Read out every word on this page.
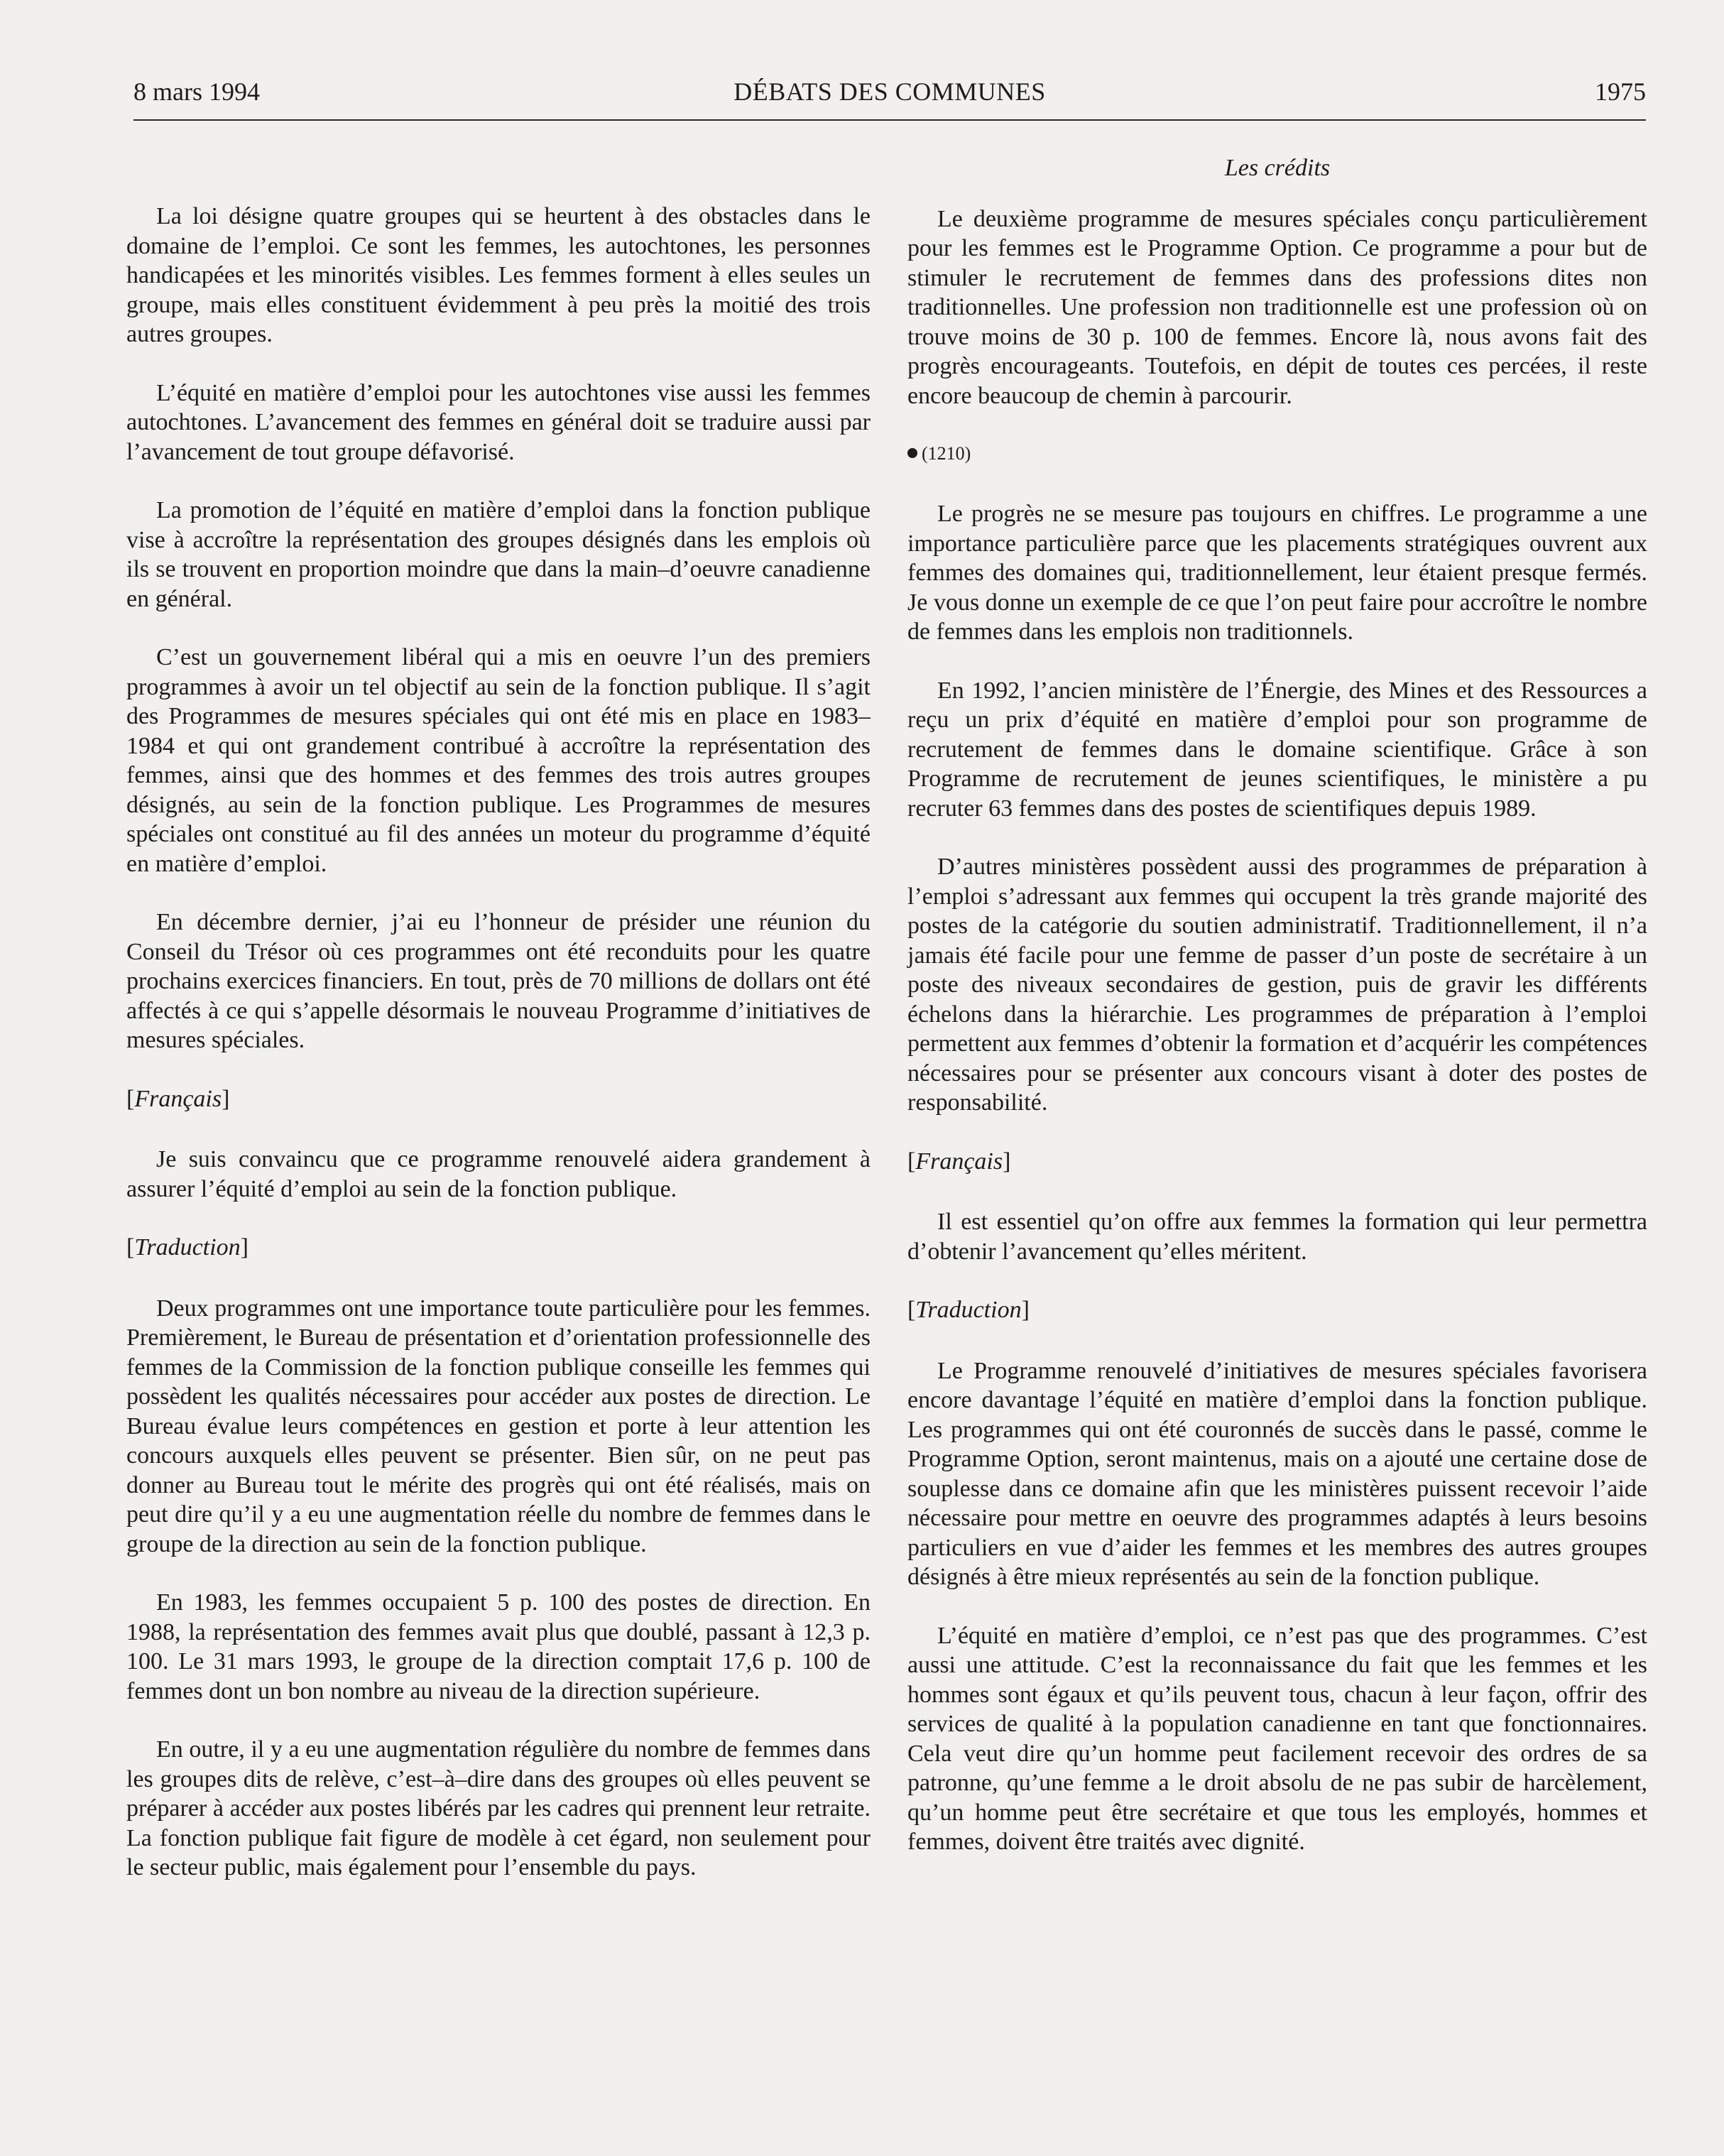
8 mars 1994	DÉBATS DES COMMUNES	1975

La loi désigne quatre groupes qui se heurtent à des obstacles dans le domaine de l’emploi. Ce sont les femmes, les autochtones, les personnes handicapées et les minorités visibles. Les femmes forment à elles seules un groupe, mais elles constituent évidemment à peu près la moitié des trois autres groupes.

L’équité en matière d’emploi pour les autochtones vise aussi les femmes autochtones. L’avancement des femmes en général doit se traduire aussi par l’avancement de tout groupe défavorisé.

La promotion de l’équité en matière d’emploi dans la fonction publique vise à accroître la représentation des groupes désignés dans les emplois où ils se trouvent en proportion moindre que dans la main–d’oeuvre canadienne en général.

C’est un gouvernement libéral qui a mis en oeuvre l’un des premiers programmes à avoir un tel objectif au sein de la fonction publique. Il s’agit des Programmes de mesures spéciales qui ont été mis en place en 1983–1984 et qui ont grandement contribué à accroître la représentation des femmes, ainsi que des hommes et des femmes des trois autres groupes désignés, au sein de la fonction publique. Les Programmes de mesures spéciales ont constitué au fil des années un moteur du programme d’équité en matière d’emploi.

En décembre dernier, j’ai eu l’honneur de présider une réunion du Conseil du Trésor où ces programmes ont été reconduits pour les quatre prochains exercices financiers. En tout, près de 70 millions de dollars ont été affectés à ce qui s’appelle désormais le nouveau Programme d’initiatives de mesures spéciales.

[Français]

Je suis convaincu que ce programme renouvelé aidera grandement à assurer l’équité d’emploi au sein de la fonction publique.

[Traduction]

Deux programmes ont une importance toute particulière pour les femmes. Premièrement, le Bureau de présentation et d’orientation professionnelle des femmes de la Commission de la fonction publique conseille les femmes qui possèdent les qualités nécessaires pour accéder aux postes de direction. Le Bureau évalue leurs compétences en gestion et porte à leur attention les concours auxquels elles peuvent se présenter. Bien sûr, on ne peut pas donner au Bureau tout le mérite des progrès qui ont été réalisés, mais on peut dire qu’il y a eu une augmentation réelle du nombre de femmes dans le groupe de la direction au sein de la fonction publique.

En 1983, les femmes occupaient 5 p. 100 des postes de direction. En 1988, la représentation des femmes avait plus que doublé, passant à 12,3 p. 100. Le 31 mars 1993, le groupe de la direction comptait 17,6 p. 100 de femmes dont un bon nombre au niveau de la direction supérieure.

En outre, il y a eu une augmentation régulière du nombre de femmes dans les groupes dits de relève, c’est–à–dire dans des groupes où elles peuvent se préparer à accéder aux postes libérés par les cadres qui prennent leur retraite. La fonction publique fait figure de modèle à cet égard, non seulement pour le secteur public, mais également pour l’ensemble du pays.

Les crédits

Le deuxième programme de mesures spéciales conçu particulièrement pour les femmes est le Programme Option. Ce programme a pour but de stimuler le recrutement de femmes dans des professions dites non traditionnelles. Une profession non traditionnelle est une profession où on trouve moins de 30 p. 100 de femmes. Encore là, nous avons fait des progrès encourageants. Toutefois, en dépit de toutes ces percées, il reste encore beaucoup de chemin à parcourir.

(1210)

Le progrès ne se mesure pas toujours en chiffres. Le programme a une importance particulière parce que les placements stratégiques ouvrent aux femmes des domaines qui, traditionnellement, leur étaient presque fermés. Je vous donne un exemple de ce que l’on peut faire pour accroître le nombre de femmes dans les emplois non traditionnels.

En 1992, l’ancien ministère de l’Énergie, des Mines et des Ressources a reçu un prix d’équité en matière d’emploi pour son programme de recrutement de femmes dans le domaine scientifique. Grâce à son Programme de recrutement de jeunes scientifiques, le ministère a pu recruter 63 femmes dans des postes de scientifiques depuis 1989.

D’autres ministères possèdent aussi des programmes de préparation à l’emploi s’adressant aux femmes qui occupent la très grande majorité des postes de la catégorie du soutien administratif. Traditionnellement, il n’a jamais été facile pour une femme de passer d’un poste de secrétaire à un poste des niveaux secondaires de gestion, puis de gravir les différents échelons dans la hiérarchie. Les programmes de préparation à l’emploi permettent aux femmes d’obtenir la formation et d’acquérir les compétences nécessaires pour se présenter aux concours visant à doter des postes de responsabilité.

[Français]

Il est essentiel qu’on offre aux femmes la formation qui leur permettra d’obtenir l’avancement qu’elles méritent.

[Traduction]

Le Programme renouvelé d’initiatives de mesures spéciales favorisera encore davantage l’équité en matière d’emploi dans la fonction publique. Les programmes qui ont été couronnés de succès dans le passé, comme le Programme Option, seront maintenus, mais on a ajouté une certaine dose de souplesse dans ce domaine afin que les ministères puissent recevoir l’aide nécessaire pour mettre en oeuvre des programmes adaptés à leurs besoins particuliers en vue d’aider les femmes et les membres des autres groupes désignés à être mieux représentés au sein de la fonction publique.

L’équité en matière d’emploi, ce n’est pas que des programmes. C’est aussi une attitude. C’est la reconnaissance du fait que les femmes et les hommes sont égaux et qu’ils peuvent tous, chacun à leur façon, offrir des services de qualité à la population canadienne en tant que fonctionnaires. Cela veut dire qu’un homme peut facilement recevoir des ordres de sa patronne, qu’une femme a le droit absolu de ne pas subir de harcèlement, qu’un homme peut être secrétaire et que tous les employés, hommes et femmes, doivent être traités avec dignité.
